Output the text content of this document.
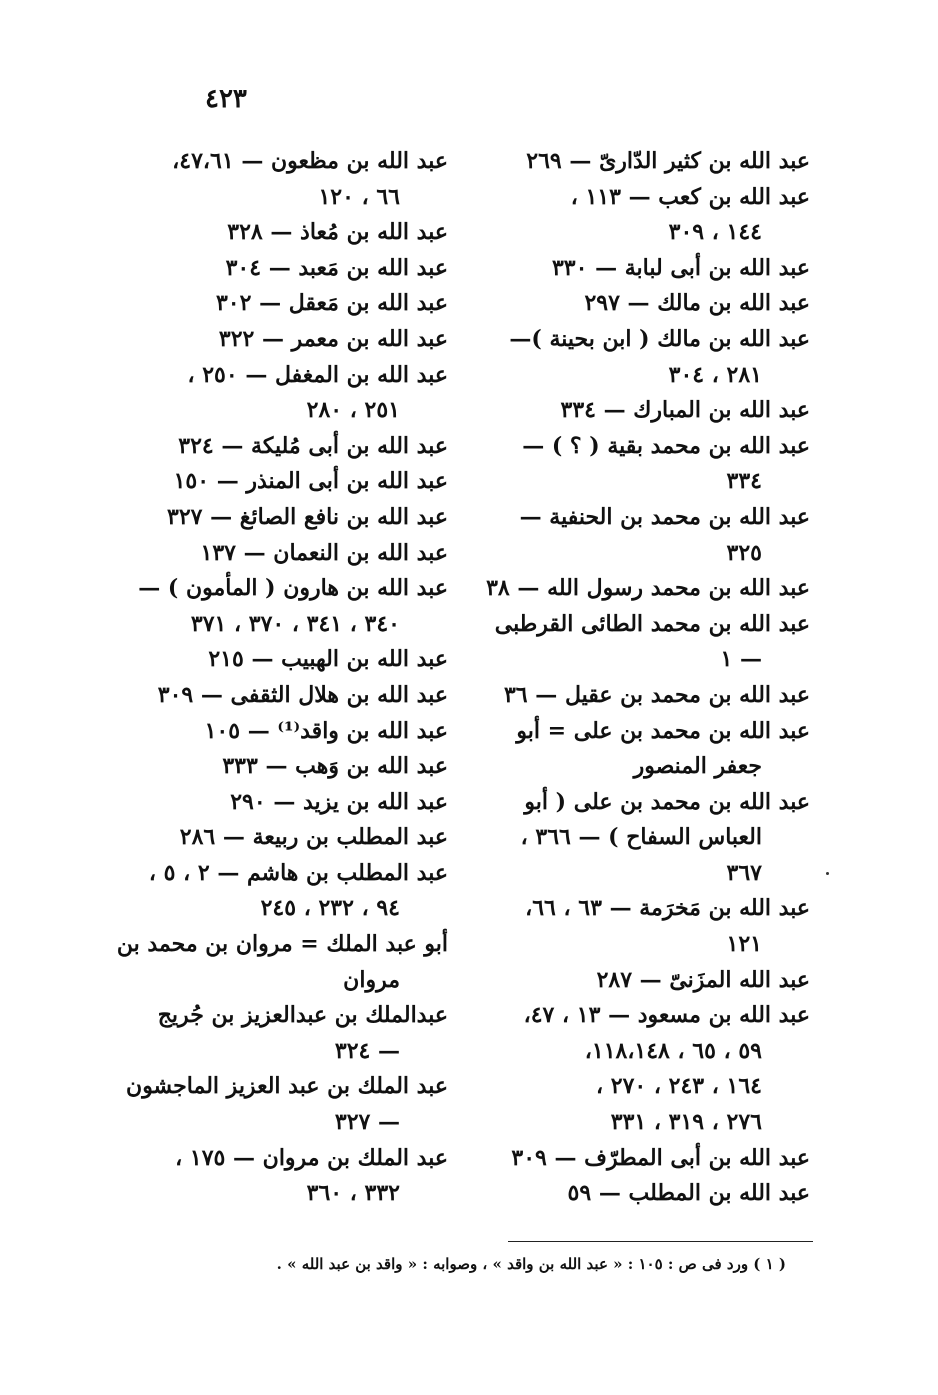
٤٢٣
عبد الله بن كثير الدّارىّ — ٢٦٩
عبد الله بن كعب — ١١٣ ،
١٤٤ ، ٣٠٩
عبد الله بن أبى لبابة — ٣٣٠
عبد الله بن مالك — ٢٩٧
عبد الله بن مالك ( ابن بحينة )—
٢٨١ ، ٣٠٤
عبد الله بن المبارك — ٣٣٤
عبد الله بن محمد بقية ( ؟ ) —
٣٣٤
عبد الله بن محمد بن الحنفية —
٣٢٥
عبد الله بن محمد رسول الله — ٣٨
عبد الله بن محمد الطائى القرطبى
— ١
عبد الله بن محمد بن عقيل — ٣٦
عبد الله بن محمد بن على = أبو
جعفر المنصور
عبد الله بن محمد بن على ( أبو
العباس السفاح ) — ٣٦٦ ،
٣٦٧
عبد الله بن مَخرَمة — ٦٣ ، ٦٦،
١٢١
عبد الله المزَنىّ — ٢٨٧
عبد الله بن مسعود — ١٣ ، ٤٧،
٥٩ ، ٦٥ ، ١١٨،١٤٨،
١٦٤ ، ٢٤٣ ، ٢٧٠ ،
٢٧٦ ، ٣١٩ ، ٣٣١
عبد الله بن أبى المطرّف — ٣٠٩
عبد الله بن المطلب — ٥٩
عبد الله بن مظعون — ٤٧،٦١،
٦٦ ، ١٢٠
عبد الله بن مُعاذ — ٣٢٨
عبد الله بن مَعبد — ٣٠٤
عبد الله بن مَعقل — ٣٠٢
عبد الله بن معمر — ٣٢٢
عبد الله بن المغفل — ٢٥٠ ،
٢٥١ ، ٢٨٠
عبد الله بن أبى مُليكة — ٣٢٤
عبد الله بن أبى المنذر — ١٥٠
عبد الله بن نافع الصائغ — ٣٢٧
عبد الله بن النعمان — ١٣٧
عبد الله بن هارون ( المأمون ) —
٣٤٠ ، ٣٤١ ، ٣٧٠ ، ٣٧١
عبد الله بن الهبيب — ٢١٥
عبد الله بن هلال الثقفى — ٣٠٩
عبد الله بن واقد⁽¹⁾ — ١٠٥
عبد الله بن وَهب — ٣٣٣
عبد الله بن يزيد — ٢٩٠
عبد المطلب بن ربيعة — ٢٨٦
عبد المطلب بن هاشم — ٢ ، ٥ ،
٩٤ ، ٢٣٢ ، ٢٤٥
أبو عبد الملك = مروان بن محمد بن
مروان
عبدالملك بن عبدالعزيز بن جُريج
— ٣٢٤
عبد الملك بن عبد العزيز الماجشون
— ٣٢٧
عبد الملك بن مروان — ١٧٥ ،
٣٣٢ ، ٣٦٠
( ١ ) ورد فى ص : ١٠٥ : « عبد الله بن واقد » ، وصوابه : « واقد بن عبد الله » .
